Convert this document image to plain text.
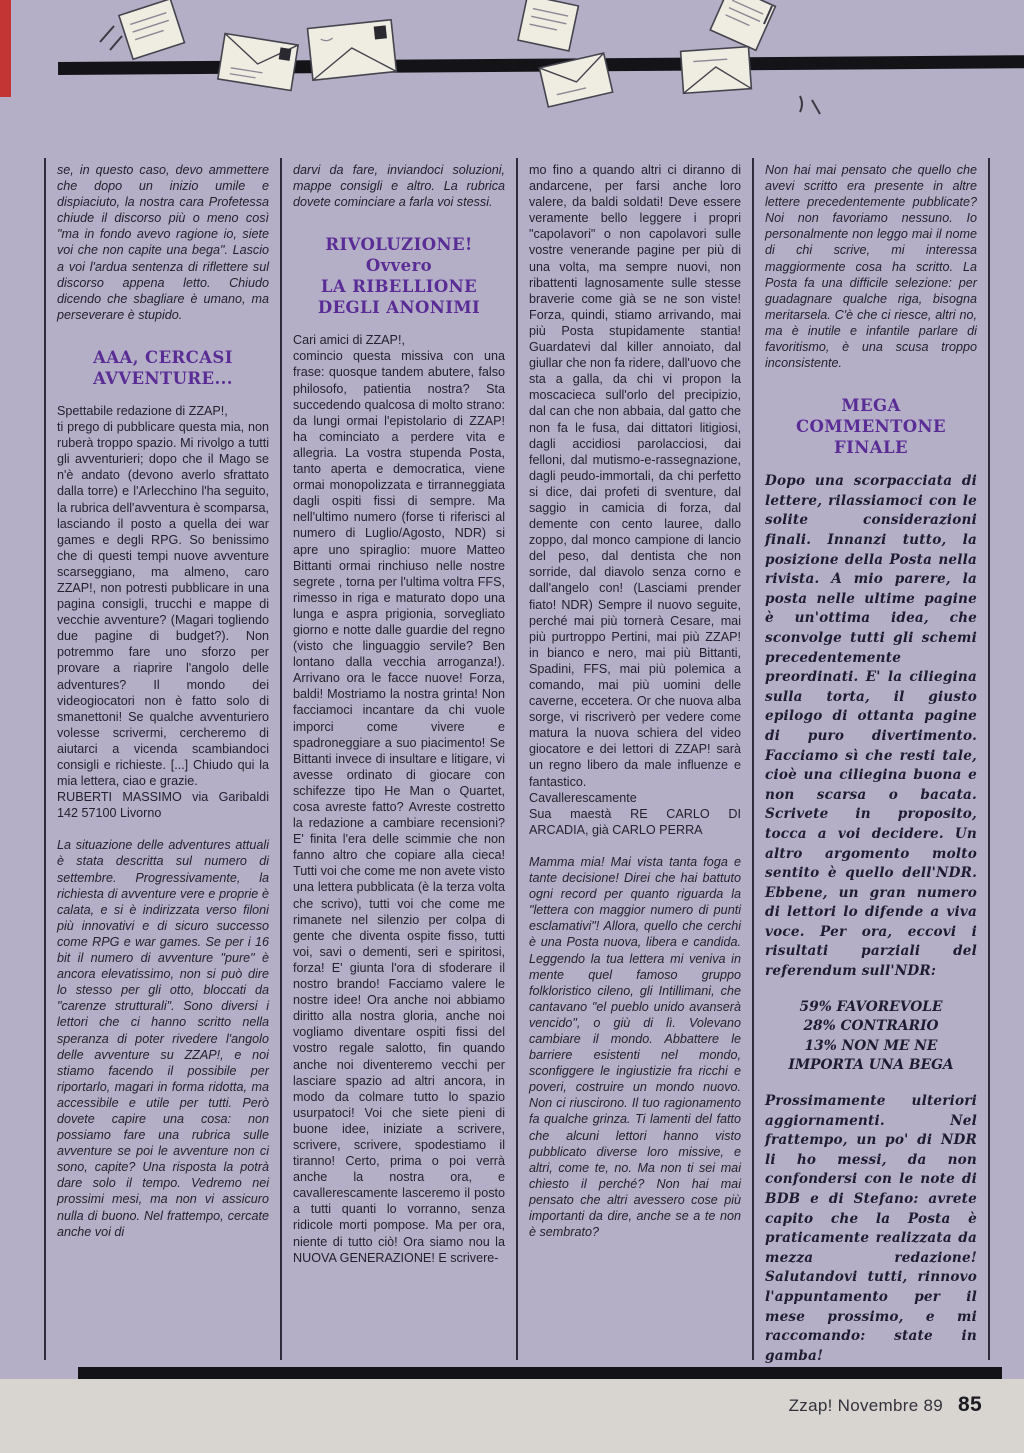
se, in questo caso, devo ammettere che dopo un inizio umile e dispiaciuto, la nostra cara Profetessa chiude il discorso più o meno così "ma in fondo avevo ragione io, siete voi che non capite una bega". Lascio a voi l'ardua sentenza di riflettere sul discorso appena letto. Chiudo dicendo che sbagliare è umano, ma perseverare è stupido.

AAA, CERCASI AVVENTURE...

Spettabile redazione di ZZAP!,

ti prego di pubblicare questa mia, non ruberà troppo spazio. Mi rivolgo a tutti gli avventurieri; dopo che il Mago se n'è andato (devono averlo sfrattato dalla torre) e l'Arlecchino l'ha seguito, la rubrica dell'avventura è scomparsa, lasciando il posto a quella dei war games e degli RPG. So benissimo che di questi tempi nuove avventure scarseggiano, ma almeno, caro ZZAP!, non potresti pubblicare in una pagina consigli, trucchi e mappe di vecchie avventure? (Magari togliendo due pagine di budget?). Non potremmo fare uno sforzo per provare a riaprire l'angolo delle adventures? Il mondo dei videogiocatori non è fatto solo di smanettoni! Se qualche avventuriero volesse scrivermi, cercheremo di aiutarci a vicenda scambiandoci consigli e richieste. [...] Chiudo qui la mia lettera, ciao e grazie.

RUBERTI MASSIMO via Garibaldi 142 57100 Livorno

La situazione delle adventures attuali è stata descritta sul numero di settembre. Progressivamente, la richiesta di avventure vere e proprie è calata, e si è indirizzata verso filoni più innovativi e di sicuro successo come RPG e war games. Se per i 16 bit il numero di avventure "pure" è ancora elevatissimo, non si può dire lo stesso per gli otto, bloccati da "carenze strutturali". Sono diversi i lettori che ci hanno scritto nella speranza di poter rivedere l'angolo delle avventure su ZZAP!, e noi stiamo facendo il possibile per riportarlo, magari in forma ridotta, ma accessibile e utile per tutti. Però dovete capire una cosa: non possiamo fare una rubrica sulle avventure se poi le avventure non ci sono, capite? Una risposta la potrà dare solo il tempo. Vedremo nei prossimi mesi, ma non vi assicuro nulla di buono. Nel frattempo, cercate anche voi di

darvi da fare, inviandoci soluzioni, mappe consigli e altro. La rubrica dovete cominciare a farla voi stessi.

RIVOLUZIONE!
Ovvero
LA RIBELLIONE DEGLI ANONIMI

Cari amici di ZZAP!,

comincio questa missiva con una frase: quosque tandem abutere, falso philosofo, patientia nostra? Sta succedendo qualcosa di molto strano: da lungi ormai l'epistolario di ZZAP! ha cominciato a perdere vita e allegria. La vostra stupenda Posta, tanto aperta e democratica, viene ormai monopolizzata e tirranneggiata dagli ospiti fissi di sempre. Ma nell'ultimo numero (forse ti riferisci al numero di Luglio/Agosto, NDR) si apre uno spiraglio: muore Matteo Bittanti ormai rinchiuso nelle nostre segrete , torna per l'ultima voltra FFS, rimesso in riga e maturato dopo una lunga e aspra prigionia, sorvegliato giorno e notte dalle guardie del regno (visto che linguaggio servile? Ben lontano dalla vecchia arroganza!). Arrivano ora le facce nuove! Forza, baldi! Mostriamo la nostra grinta! Non facciamoci incantare da chi vuole imporci come vivere e spadroneggiare a suo piacimento! Se Bittanti invece di insultare e litigare, vi avesse ordinato di giocare con schifezze tipo He Man o Quartet, cosa avreste fatto? Avreste costretto la redazione a cambiare recensioni? E' finita l'era delle scimmie che non fanno altro che copiare alla cieca! Tutti voi che come me non avete visto una lettera pubblicata (è la terza volta che scrivo), tutti voi che come me rimanete nel silenzio per colpa di gente che diventa ospite fisso, tutti voi, savi o dementi, seri e spiritosi, forza! E' giunta l'ora di sfoderare il nostro brando! Facciamo valere le nostre idee! Ora anche noi abbiamo diritto alla nostra gloria, anche noi vogliamo diventare ospiti fissi del vostro regale salotto, fin quando anche noi diventeremo vecchi per lasciare spazio ad altri ancora, in modo da colmare tutto lo spazio usurpatoci! Voi che siete pieni di buone idee, iniziate a scrivere, scrivere, scrivere, spodestiamo il tiranno! Certo, prima o poi verrà anche la nostra ora, e cavallerescamente lasceremo il posto a tutti quanti lo vorranno, senza ridicole morti pompose. Ma per ora, niente di tutto ciò! Ora siamo nou la NUOVA GENERAZIONE! E scrivere-

mo fino a quando altri ci diranno di andarcene, per farsi anche loro valere, da baldi soldati! Deve essere veramente bello leggere i propri "capolavori" o non capolavori sulle vostre venerande pagine per più di una volta, ma sempre nuovi, non ribattenti lagnosamente sulle stesse braverie come già se ne son viste! Forza, quindi, stiamo arrivando, mai più Posta stupidamente stantia! Guardatevi dal killer annoiato, dal giullar che non fa ridere, dall'uovo che sta a galla, da chi vi propon la moscacieca sull'orlo del precipizio, dal can che non abbaia, dal gatto che non fa le fusa, dai dittatori litigiosi, dagli accidiosi parolacciosi, dai felloni, dal mutismo-e-rassegnazione, dagli peudo-immortali, da chi perfetto si dice, dai profeti di sventure, dal saggio in camicia di forza, dal demente con cento lauree, dallo zoppo, dal monco campione di lancio del peso, dal dentista che non sorride, dal diavolo senza corno e dall'angelo con! (Lasciami prender fiato! NDR) Sempre il nuovo seguite, perché mai più tornerà Cesare, mai più purtroppo Pertini, mai più ZZAP! in bianco e nero, mai più Bittanti, Spadini, FFS, mai più polemica a comando, mai più uomini delle caverne, eccetera. Or che nuova alba sorge, vi riscriverò per vedere come matura la nuova schiera del video giocatore e dei lettori di ZZAP! sarà un regno libero da male influenze e fantastico.

Cavallerescamente

Sua maestà RE CARLO DI ARCADIA, già CARLO PERRA

Mamma mia! Mai vista tanta foga e tante decisione! Direi che hai battuto ogni record per quanto riguarda la "lettera con maggior numero di punti esclamativi"! Allora, quello che cerchi è una Posta nuova, libera e candida. Leggendo la tua lettera mi veniva in mente quel famoso gruppo folkloristico cileno, gli Intillimani, che cantavano "el pueblo unido avanserà vencido", o giù di lì. Volevano cambiare il mondo. Abbattere le barriere esistenti nel mondo, sconfiggere le ingiustizie fra ricchi e poveri, costruire un mondo nuovo. Non ci riuscirono. Il tuo ragionamento fa qualche grinza. Ti lamenti del fatto che alcuni lettori hanno visto pubblicato diverse loro missive, e altri, come te, no. Ma non ti sei mai chiesto il perché? Non hai mai pensato che altri avessero cose più importanti da dire, anche se a te non è sembrato?

Non hai mai pensato che quello che avevi scritto era presente in altre lettere precedentemente pubblicate? Noi non favoriamo nessuno. Io personalmente non leggo mai il nome di chi scrive, mi interessa maggiormente cosa ha scritto. La Posta fa una difficile selezione: per guadagnare qualche riga, bisogna meritarsela. C'è che ci riesce, altri no, ma è inutile e infantile parlare di favoritismo, è una scusa troppo inconsistente.

MEGA COMMENTONE FINALE

Dopo una scorpacciata di lettere, rilassiamoci con le solite considerazioni finali. Innanzi tutto, la posizione della Posta nella rivista. A mio parere, la posta nelle ultime pagine è un'ottima idea, che sconvolge tutti gli schemi precedentemente preordinati. E' la ciliegina sulla torta, il giusto epilogo di ottanta pagine di puro divertimento. Facciamo sì che resti tale, cioè una ciliegina buona e non scarsa o bacata. Scrivete in proposito, tocca a voi decidere. Un altro argomento molto sentito è quello dell'NDR. Ebbene, un gran numero di lettori lo difende a viva voce. Per ora, eccovi i risultati parziali del referendum sull'NDR:

59% FAVOREVOLE
28% CONTRARIO
13% NON ME NE IMPORTA UNA BEGA

Prossimamente ulteriori aggiornamenti. Nel frattempo, un po' di NDR li ho messi, da non confondersi con le note di BDB e di Stefano: avrete capito che la Posta è praticamente realizzata da mezza redazione! Salutandovi tutti, rinnovo l'appuntamento per il mese prossimo, e mi raccomando: state in gamba!

Zzap! Novembre 89 85
